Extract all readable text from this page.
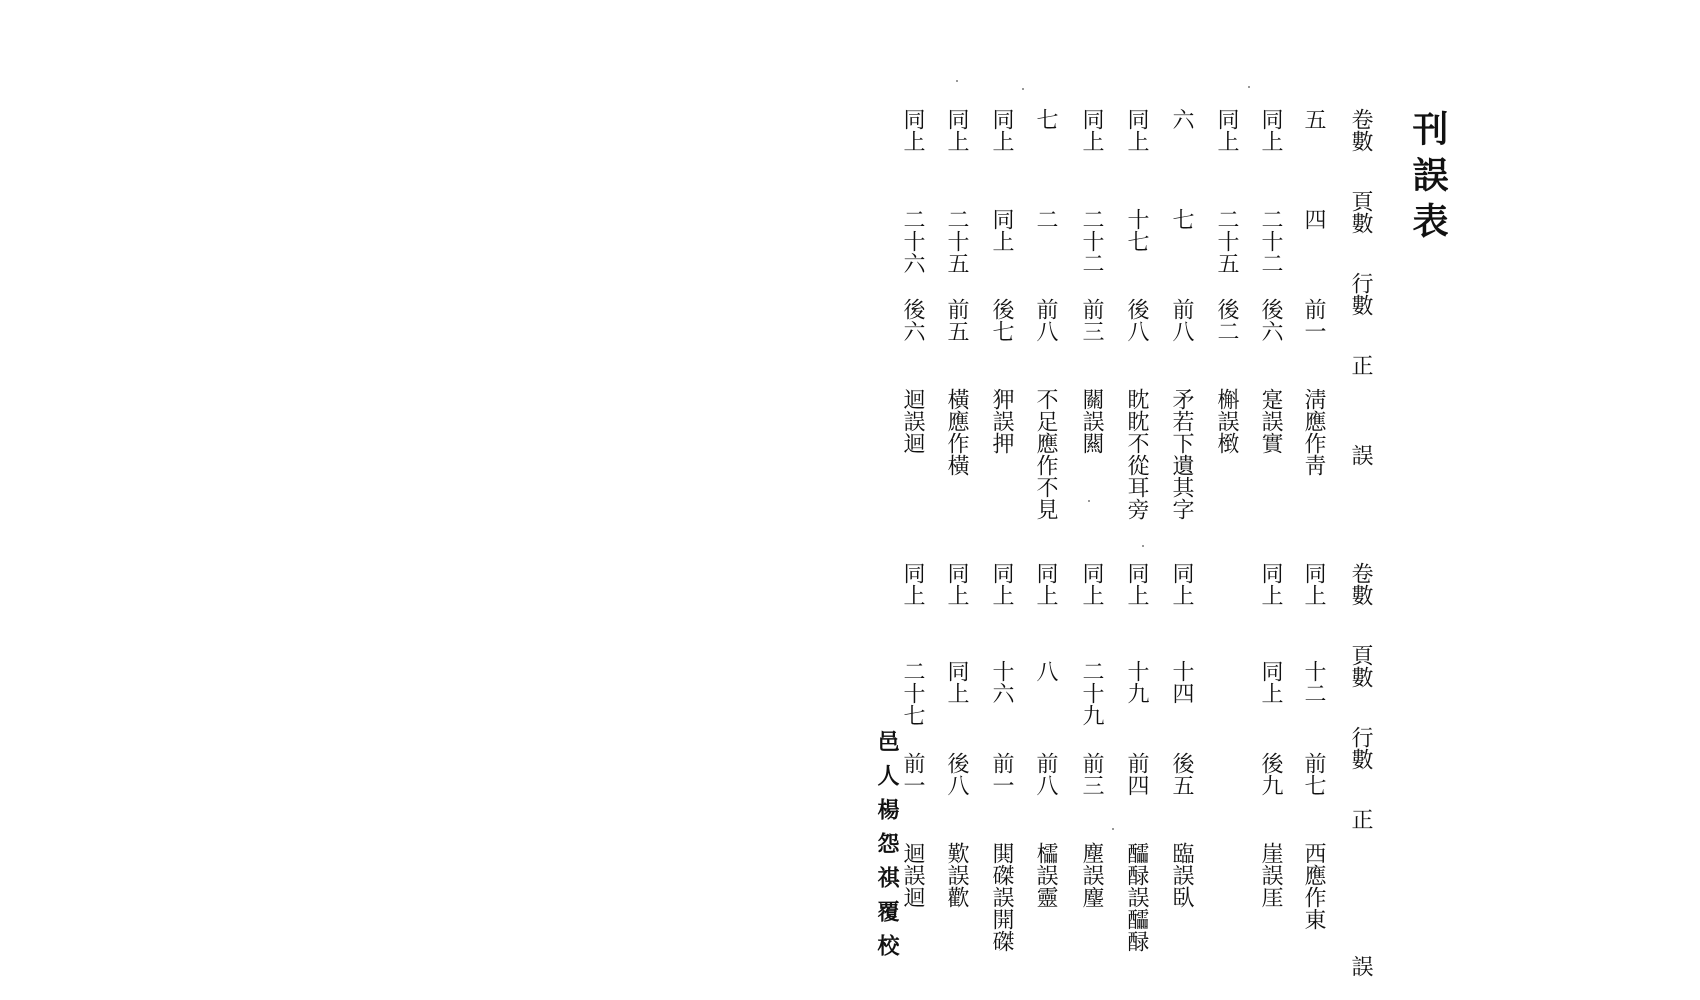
刊誤表
卷數
頁數
行數
正
誤
卷數
頁數
行數
正
誤
五
四
前一
淸應作靑
同上
二十二
後六
寔誤實
同上
二十五
後二
槲誤㮹
六
七
前八
矛若下遺其字
同上
十七
後八
眈眈不從耳旁
同上
二十二
前三
關誤闗
七
二
前八
不足應作不見
同上
同上
後七
狎誤押
同上
二十五
前五
橫應作橫
同上
二十六
後六
迴誤迴
同上
十二
前七
西應作東
同上
同上
後九
崖誤厓
同上
十四
後五
臨誤臥
同上
十九
前四
醽醁誤醽醁
同上
二十九
前三
塵誤麈
同上
八
前八
櫺誤靈
同上
十六
前一
閧磔誤開磔
同上
同上
後八
歎誤歡
同上
二十七
前一
迴誤迴
邑人楊怨祺覆校
